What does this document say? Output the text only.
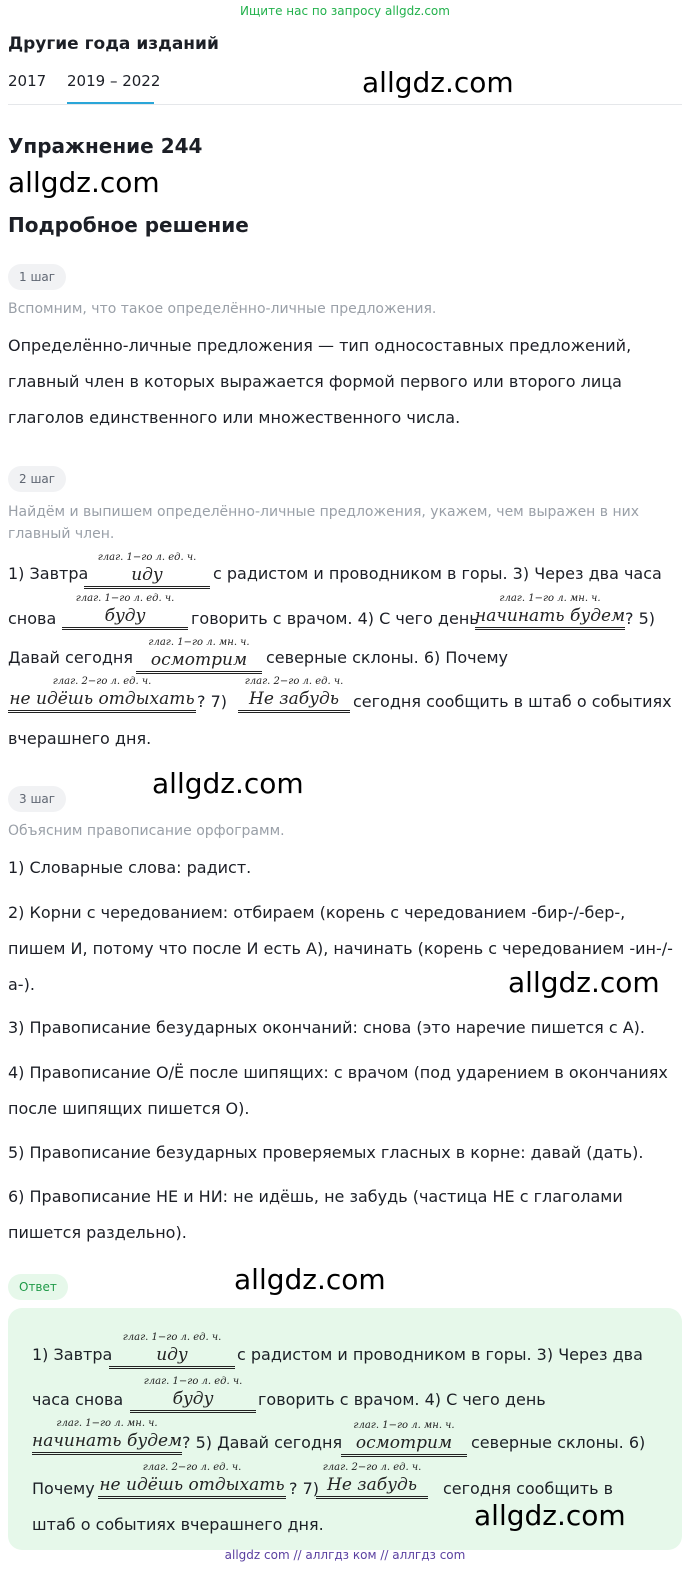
Ищите нас по запросу allgdz.com
Другие года изданий
2017 2019 – 2022	allgdz.com
Упражнение 244
allgdz.com
Подробное решение
1 шаг
Вспомним, что такое определённо-личные предложения.
Определённо-личные предложения — тип односоставных предложений, главный член в которых выражается формой первого или второго лица глаголов единственного или множественного числа.
2 шаг
Найдём и выпишем определённо-личные предложения, укажем, чем выражен в них главный член.
1) Завтра
глаг. 1−го л. ед. ч.
иду	с радистом и проводником в горы. 3) Через два часа
снова
глаг. 1−го л. ед. ч.
буду	говорить с врачом. 4) С чего день
глаг. 1−го л. мн. ч.
начинать будем ? 5)
Давай сегодня
глаг. 1−го л. мн. ч.
осмотрим	северные склоны. 6) Почему
глаг. 2−го л. ед. ч.
не идёшь отдыхать ? 7)
глаг. 2−го л. ед. ч.
Не забудь сегодня сообщить в штаб о событиях
вчерашнего дня.
allgdz.com
3 шаг
Объясним правописание орфограмм.
1) Словарные слова: радист.
2) Корни с чередованием: отбираем (корень с чередованием -бир-/-бер-, пишем И, потому что после И есть А), начинать (корень с чередованием -ин-/-а-).	allgdz.com
3) Правописание безударных окончаний: снова (это наречие пишется с А).
4) Правописание О/Ё после шипящих: с врачом (под ударением в окончаниях после шипящих пишется О).
5) Правописание безударных проверяемых гласных в корне: давай (дать).
6) Правописание НЕ и НИ: не идёшь, не забудь (частица НЕ с глаголами пишется раздельно).
Ответ	allgdz.com
1) Завтра
глаг. 1−го л. ед. ч.
иду	с радистом и проводником в горы. 3) Через два
часа снова
глаг. 1−го л. ед. ч.
буду	говорить с врачом. 4) С чего день
глаг. 1−го л. мн. ч.
начинать будем ? 5) Давай сегодня
глаг. 1−го л. мн. ч.
осмотрим	северные склоны. 6)
Почему
глаг. 2−го л. ед. ч.
не идёшь отдыхать ? 7)
глаг. 2−го л. ед. ч.
Не забудь	сегодня сообщить в
штаб о событиях вчерашнего дня.	allgdz.com
allgdz com // аллгдз ком // аллгдз com
